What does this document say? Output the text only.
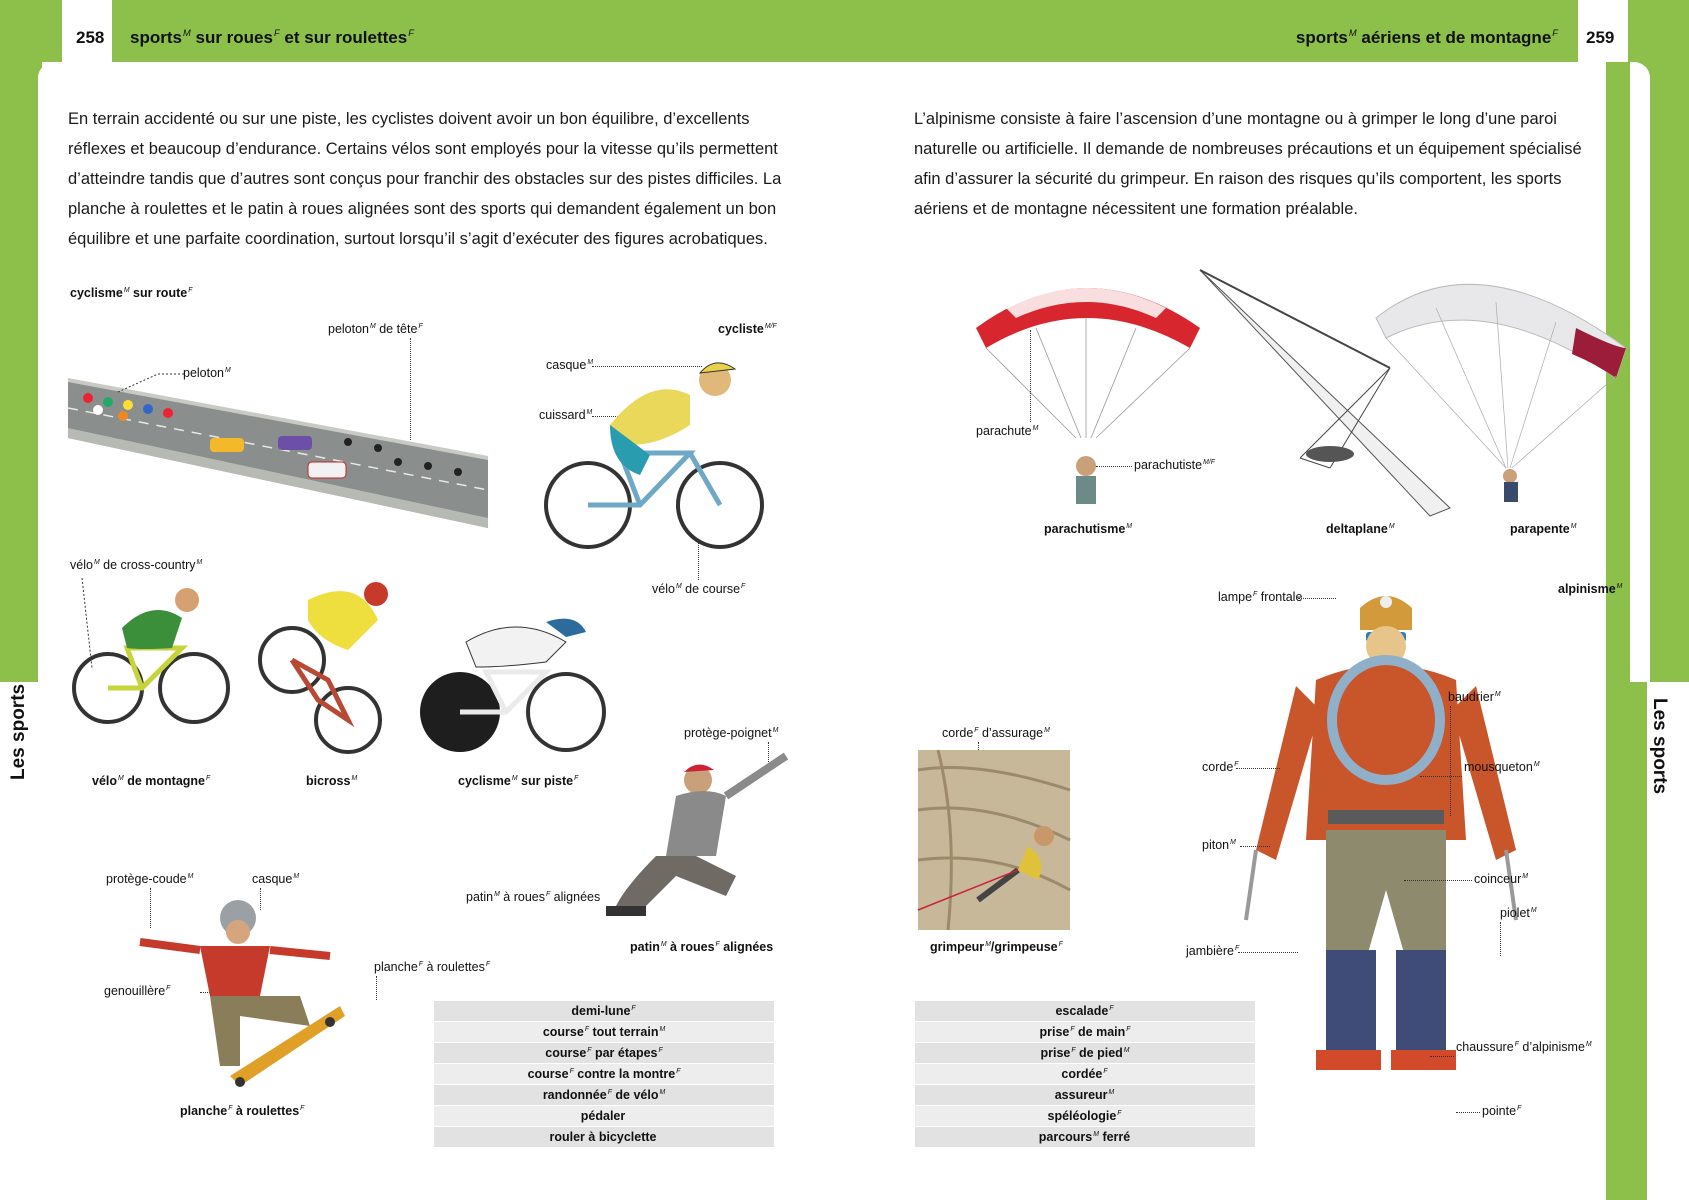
258 sports$^M$ sur roues$^F$ et sur roulettes$^F$	sports$^M$ aériens et de montagne$^F$ 259
Les sports	Les sports
En terrain accidenté ou sur une piste, les cyclistes doivent avoir un bon équilibre, d’excellents réflexes et beaucoup d’endurance. Certains vélos sont employés pour la vitesse qu’ils permettent d’atteindre tandis que d’autres sont conçus pour franchir des obstacles sur des pistes difficiles. La planche à roulettes et le patin à roues alignées sont des sports qui demandent également un bon équilibre et une parfaite coordination, surtout lorsqu’il s’agit d’exécuter des figures acrobatiques.
L’alpinisme consiste à faire l’ascension d’une montagne ou à grimper le long d’une paroi naturelle ou artificielle. Il demande de nombreuses précautions et un équipement spécialisé afin d’assurer la sécurité du grimpeur. En raison des risques qu’ils comportent, les sports aériens et de montagne nécessitent une formation préalable.
cyclisme$^M$ sur route$^F$
peloton$^M$ de tête$^F$
peloton$^M$
cycliste$^{M/F}$
casque$^M$
cuissard$^M$
vélo$^M$ de course$^F$
vélo$^M$ de cross-country$^M$
vélo$^M$ de montagne$^F$	bicross$^M$	cyclisme$^M$ sur piste$^F$
protège-poignet$^M$
patin$^M$ à roues$^F$ alignées
patin$^M$ à roues$^F$ alignées
protège-coude$^M$	casque$^M$
genouillère$^F$
planche$^F$ à roulettes$^F$
planche$^F$ à roulettes$^F$
demi-lune$^F$
course$^F$ tout terrain$^M$
course$^F$ par étapes$^F$
course$^F$ contre la montre$^F$
randonnée$^F$ de vélo$^M$
pédaler
rouler à bicyclette
parachute$^M$
parachutiste$^{M/F}$
parachutisme$^M$	deltaplane$^M$	parapente$^M$
lampe$^F$ frontale
alpinisme$^M$
baudrier$^M$
corde$^F$	mousqueton$^M$
piton$^M$
coinceur$^M$
piolet$^M$
jambière$^F$
chaussure$^F$ d’alpinisme$^M$
pointe$^F$
corde$^F$ d’assurage$^M$
grimpeur$^M$/grimpeuse$^F$
escalade$^F$
prise$^F$ de main$^F$
prise$^F$ de pied$^M$
cordée$^F$
assureur$^M$
spéléologie$^F$
parcours$^M$ ferré
